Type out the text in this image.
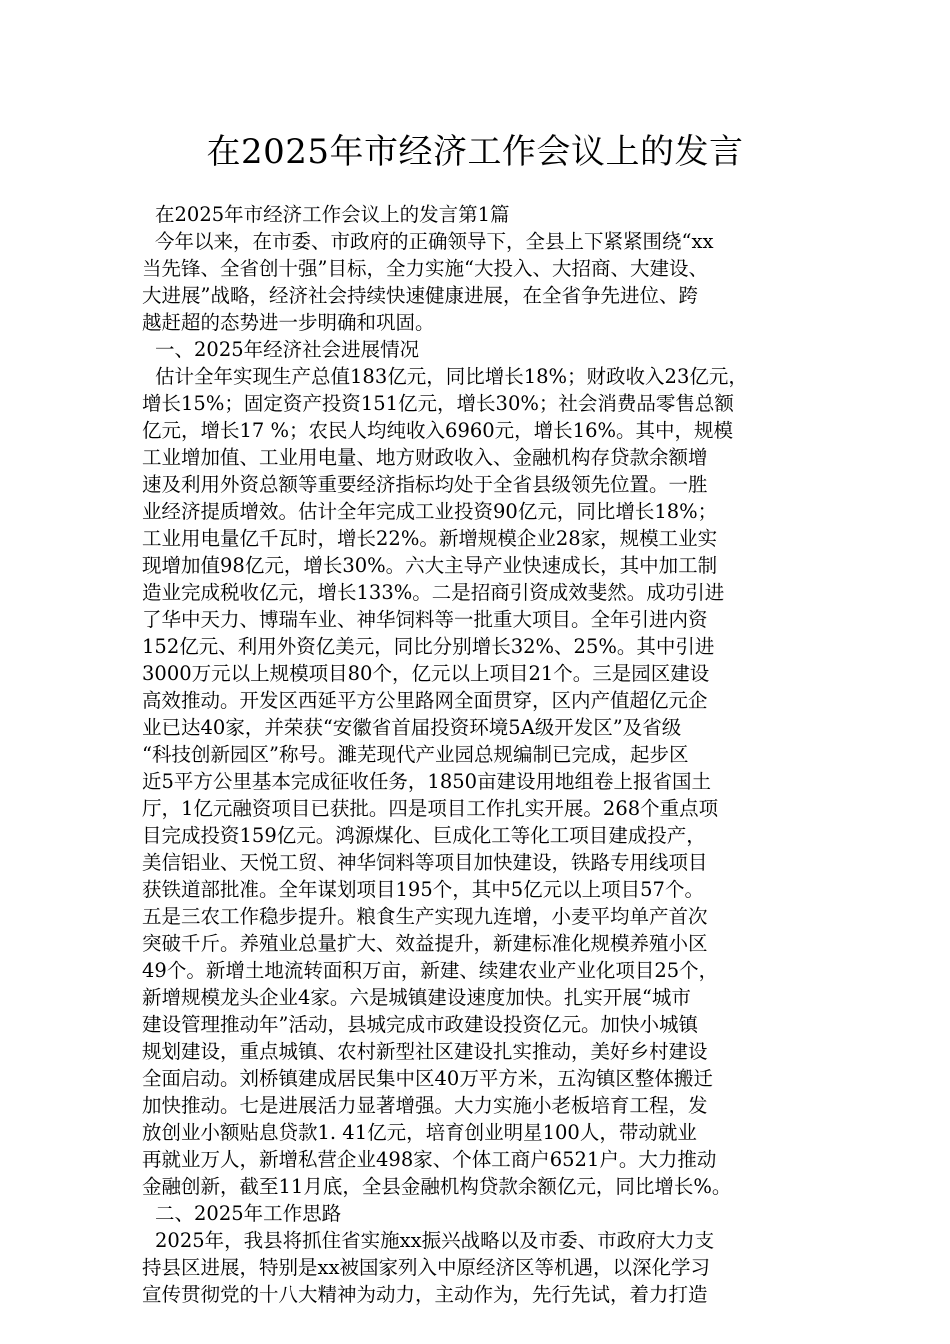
在2025年市经济工作会议上的发言
在2025年市经济工作会议上的发言第1篇
今年以来，在市委、市政府的正确领导下，全县上下紧紧围绕“xx
当先锋、全省创十强”目标，全力实施“大投入、大招商、大建设、
大进展”战略，经济社会持续快速健康进展，在全省争先进位、跨
越赶超的态势进一步明确和巩固。
一、2025年经济社会进展情况
估计全年实现生产总值183亿元，同比增长18%；财政收入23亿元，
增长15%；固定资产投资151亿元，增长30%；社会消费品零售总额
亿元，增长17 %；农民人均纯收入6960元，增长16%。其中，规模
工业增加值、工业用电量、地方财政收入、金融机构存贷款余额增
速及利用外资总额等重要经济指标均处于全省县级领先位置。一胜
业经济提质增效。估计全年完成工业投资90亿元，同比增长18%；
工业用电量亿千瓦时，增长22%。新增规模企业28家，规模工业实
现增加值98亿元，增长30%。六大主导产业快速成长，其中加工制
造业完成税收亿元，增长133%。二是招商引资成效斐然。成功引进
了华中天力、博瑞车业、神华饲料等一批重大项目。全年引进内资
152亿元、利用外资亿美元，同比分别增长32%、25%。其中引进
3000万元以上规模项目80个，亿元以上项目21个。三是园区建设
高效推动。开发区西延平方公里路网全面贯穿，区内产值超亿元企
业已达40家，并荣获“安徽省首届投资环境5A级开发区”及省级
“科技创新园区”称号。濉芜现代产业园总规编制已完成，起步区
近5平方公里基本完成征收任务，1850亩建设用地组卷上报省国土
厅，1亿元融资项目已获批。四是项目工作扎实开展。268个重点项
目完成投资159亿元。鸿源煤化、巨成化工等化工项目建成投产，
美信铝业、天悦工贸、神华饲料等项目加快建设，铁路专用线项目
获铁道部批准。全年谋划项目195个，其中5亿元以上项目57个。
五是三农工作稳步提升。粮食生产实现九连增，小麦平均单产首次
突破千斤。养殖业总量扩大、效益提升，新建标准化规模养殖小区
49个。新增土地流转面积万亩，新建、续建农业产业化项目25个，
新增规模龙头企业4家。六是城镇建设速度加快。扎实开展“城市
建设管理推动年”活动，县城完成市政建设投资亿元。加快小城镇
规划建设，重点城镇、农村新型社区建设扎实推动，美好乡村建设
全面启动。刘桥镇建成居民集中区40万平方米，五沟镇区整体搬迁
加快推动。七是进展活力显著增强。大力实施小老板培育工程，发
放创业小额贴息贷款1. 41亿元，培育创业明星100人，带动就业
再就业万人，新增私营企业498家、个体工商户6521户。大力推动
金融创新，截至11月底，全县金融机构贷款余额亿元，同比增长%。
二、2025年工作思路
2025年，我县将抓住省实施xx振兴战略以及市委、市政府大力支
持县区进展，特别是xx被国家列入中原经济区等机遇，以深化学习
宣传贯彻党的十八大精神为动力，主动作为，先行先试，着力打造
